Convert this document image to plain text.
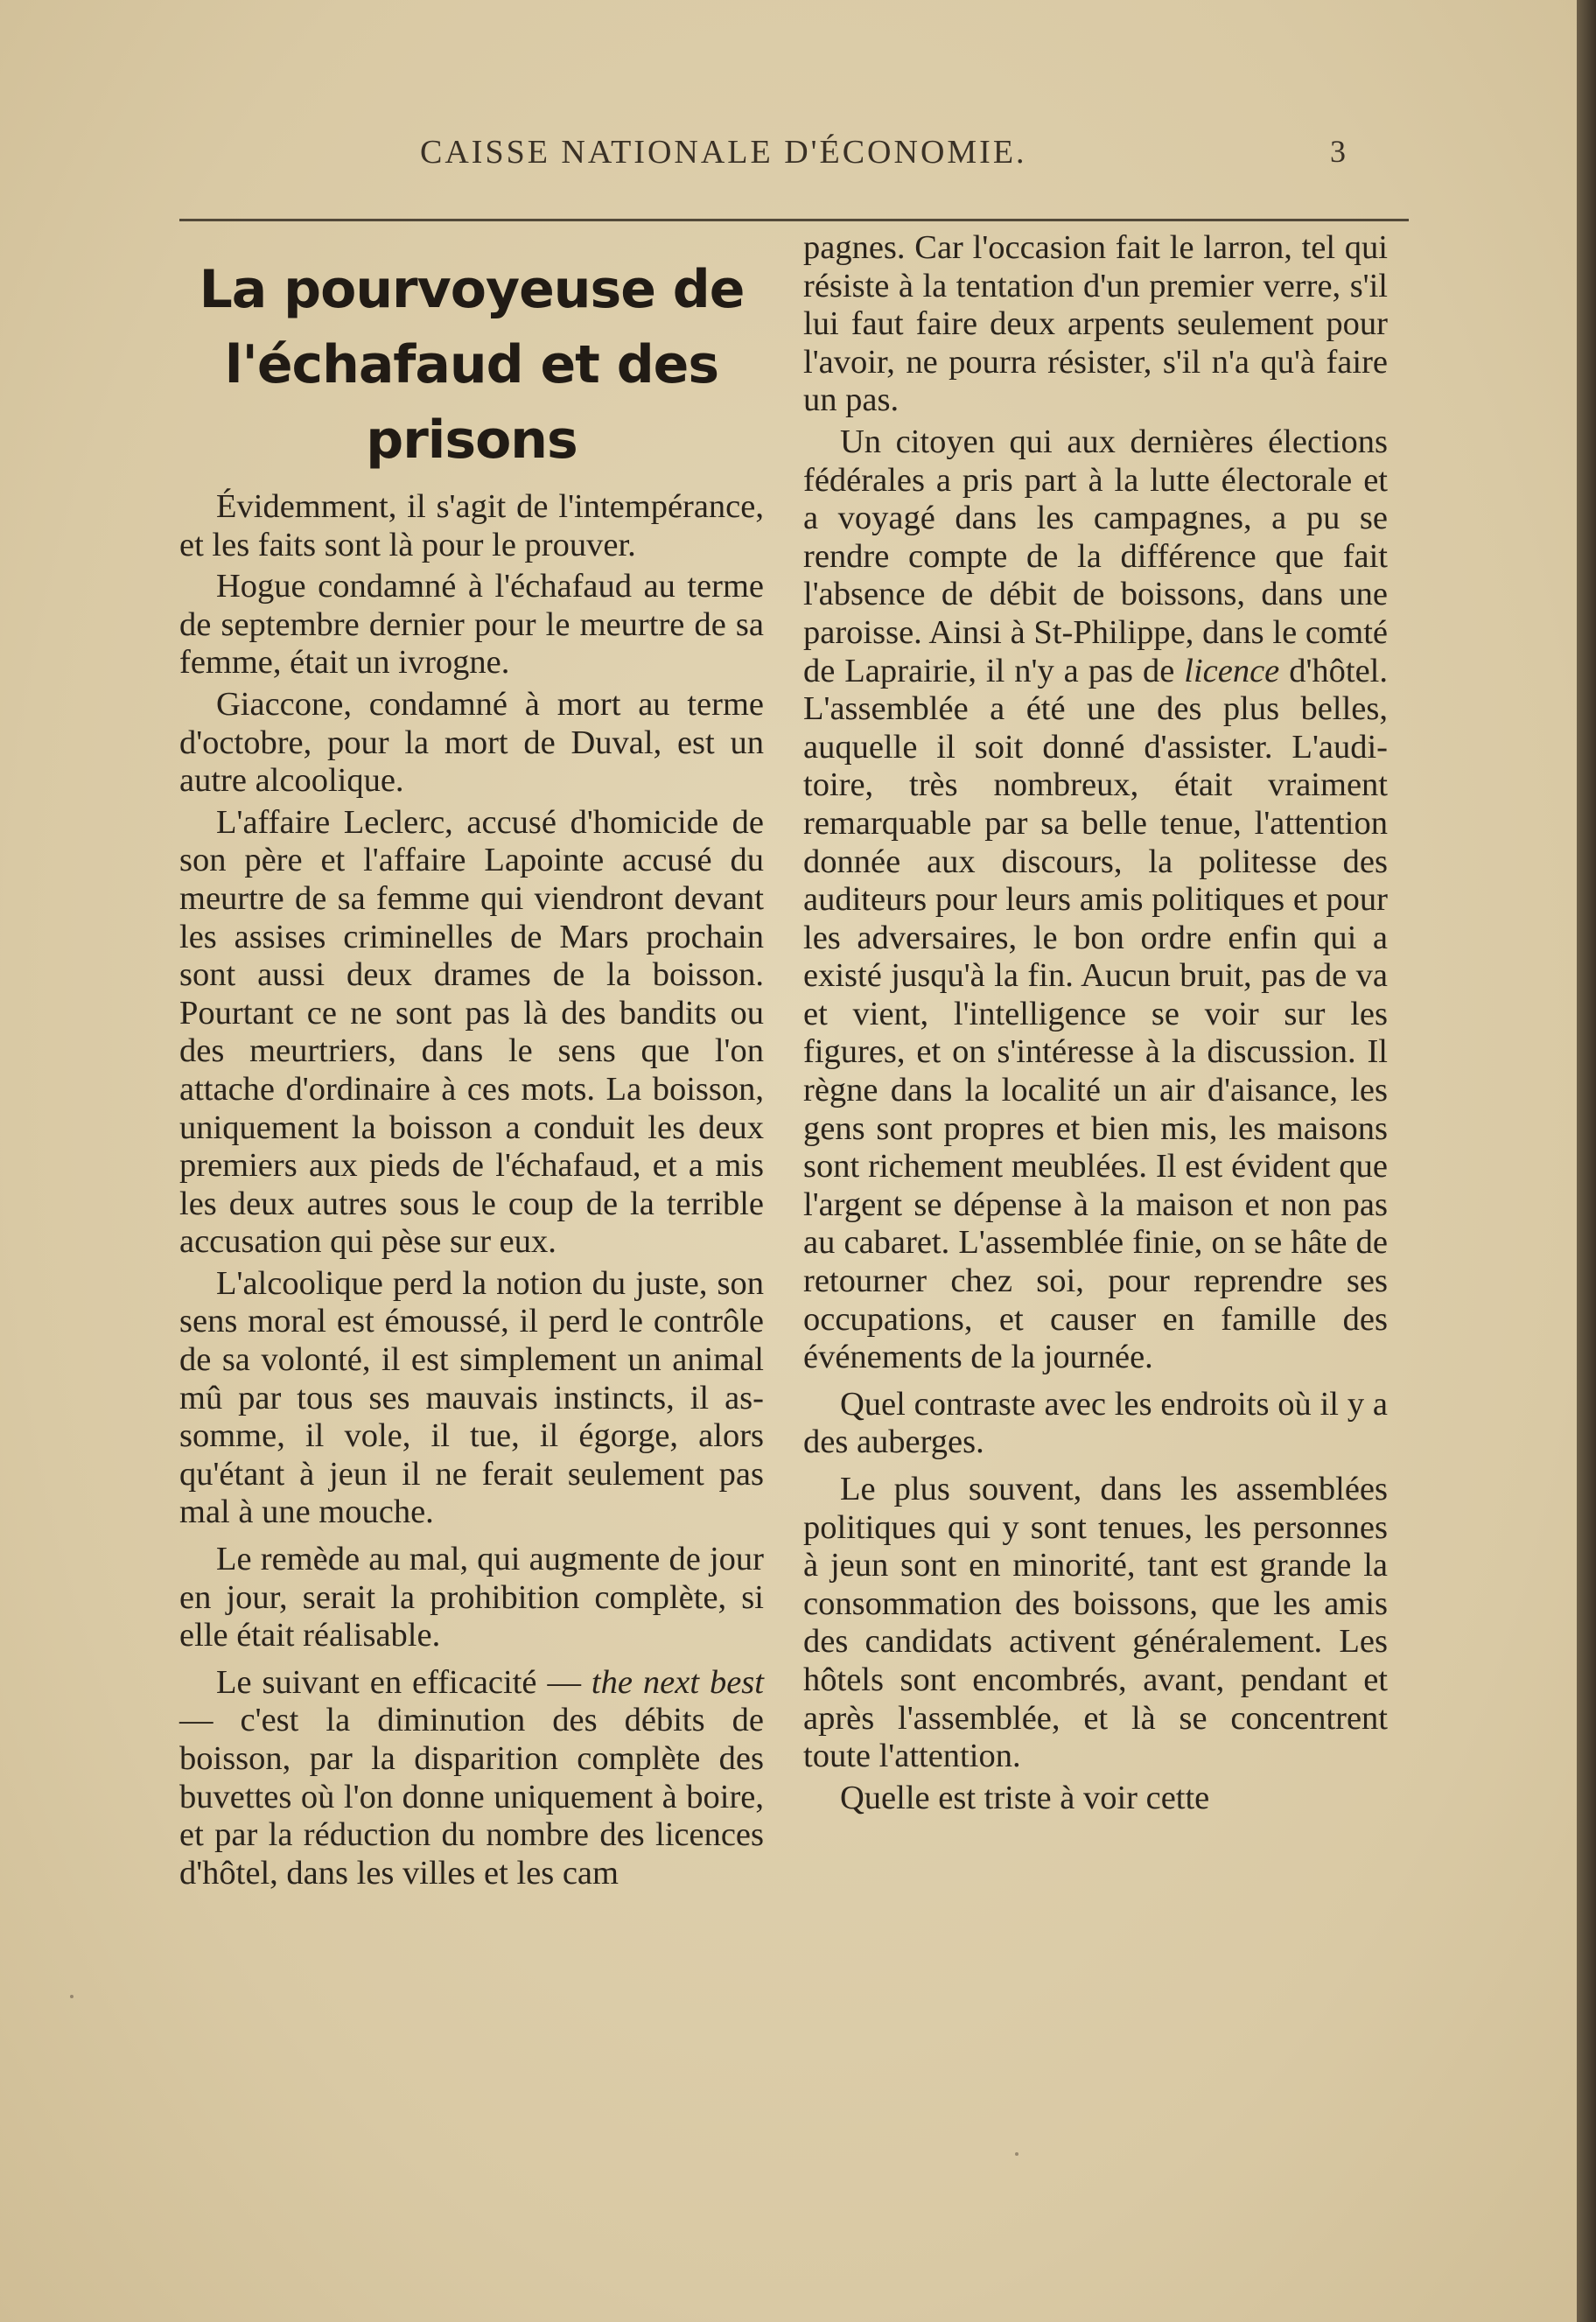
CAISSE NATIONALE D'ÉCONOMIE.	3
La pourvoyeuse de l'échafaud et des prisons

Évidemment, il s'agit de l'intempérance, et les faits sont là pour le prouver.

Hogue condamné à l'échafaud au terme de septembre dernier pour le meurtre de sa femme, était un ivrogne.

Giaccone, condamné à mort au terme d'octobre, pour la mort de Duval, est un autre alcoolique.

L'affaire Leclerc, accusé d'homicide de son père et l'affaire Lapointe accusé du meurtre de sa femme qui viendront devant les assises criminelles de Mars prochain sont aussi deux drames de la boisson. Pourtant ce ne sont pas là des bandits ou des meurtriers, dans le sens que l'on attache d'ordinaire à ces mots. La boisson, uniquement la boisson a conduit les deux premiers aux pieds de l'échafaud, et a mis les deux autres sous le coup de la terrible accusation qui pèse sur eux.

L'alcoolique perd la notion du juste, son sens moral est émoussé, il perd le contrôle de sa volonté, il est simplement un animal mû par tous ses mauvais instincts, il assomme, il vole, il tue, il égorge, alors qu'étant à jeun il ne ferait seulement pas mal à une mouche.

Le remède au mal, qui augmente de jour en jour, serait la prohibition complète, si elle était réalisable.

Le suivant en efficacité — the next best — c'est la diminution des débits de boisson, par la disparition complète des buvettes où l'on donne uniquement à boire, et par la réduction du nombre des licences d'hôtel, dans les villes et les cam

pagnes. Car l'occasion fait le larron, tel qui résiste à la tentation d'un premier verre, s'il lui faut faire deux arpents seulement pour l'avoir, ne pourra résister, s'il n'a qu'à faire un pas.

Un citoyen qui aux dernières élections fédérales a pris part à la lutte électorale et a voyagé dans les campagnes, a pu se rendre compte de la différence que fait l'absence de débit de boissons, dans une paroisse. Ainsi à St-Philippe, dans le comté de Laprairie, il n'y a pas de licence d'hôtel. L'assemblée a été une des plus belles, auquelle il soit donné d'assister. L'auditoire, très nombreux, était vraiment remarquable par sa belle tenue, l'attention donnée aux discours, la politesse des auditeurs pour leurs amis politiques et pour les adversaires, le bon ordre enfin qui a existé jusqu'à la fin. Aucun bruit, pas de va et vient, l'intelligence se voir sur les figures, et on s'intéresse à la discussion. Il règne dans la localité un air d'aisance, les gens sont propres et bien mis, les maisons sont richement meublées. Il est évident que l'argent se dépense à la maison et non pas au cabaret. L'assemblée finie, on se hâte de retourner chez soi, pour reprendre ses occupations, et causer en famille des événements de la journée.

Quel contraste avec les endroits où il y a des auberges.

Le plus souvent, dans les assemblées politiques qui y sont tenues, les personnes à jeun sont en minorité, tant est grande la consommation des boissons, que les amis des candidats activent généralement. Les hôtels sont encombrés, avant, pendant et après l'assemblée, et là se concentrent toute l'attention.

Quelle est triste à voir cette
